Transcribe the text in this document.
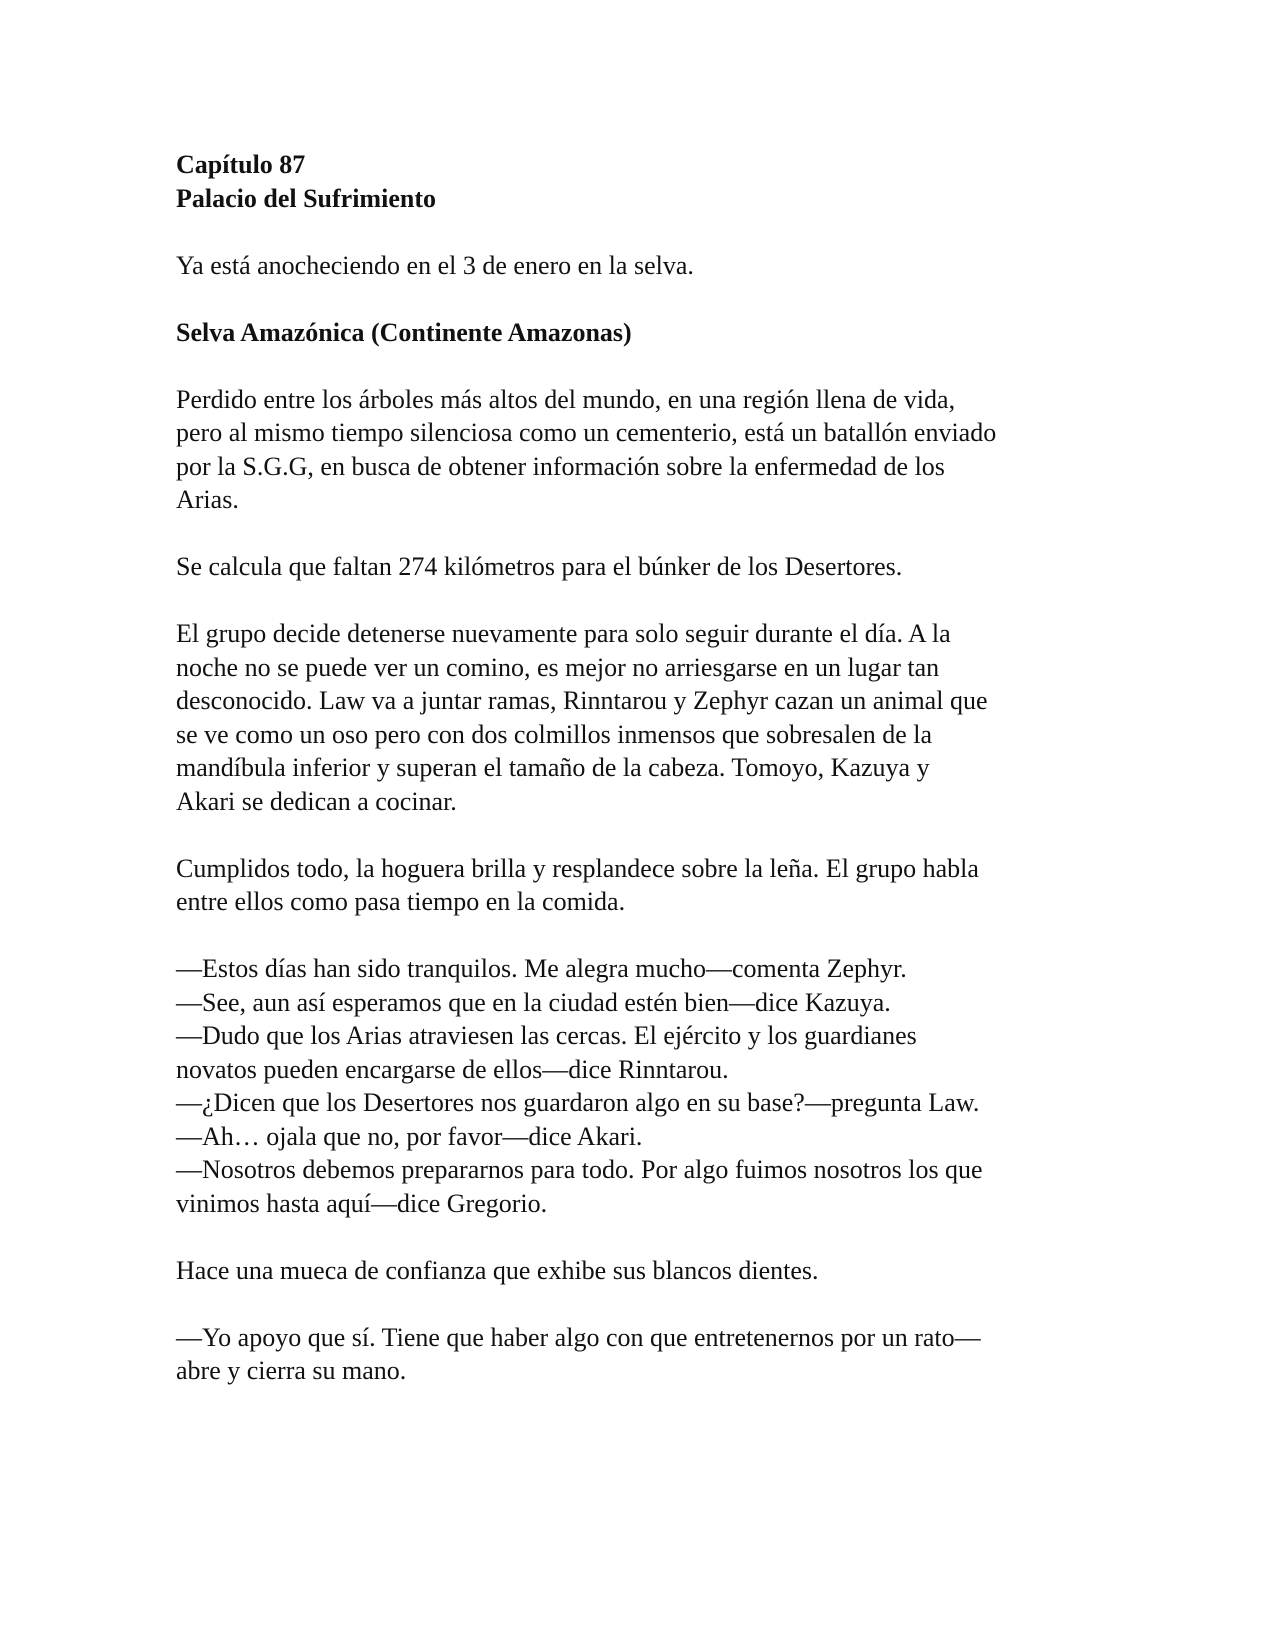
Capítulo 87
Palacio del Sufrimiento

Ya está anocheciendo en el 3 de enero en la selva.

Selva Amazónica (Continente Amazonas)

Perdido entre los árboles más altos del mundo, en una región llena de vida,
pero al mismo tiempo silenciosa como un cementerio, está un batallón enviado
por la S.G.G, en busca de obtener información sobre la enfermedad de los
Arias.

Se calcula que faltan 274 kilómetros para el búnker de los Desertores.

El grupo decide detenerse nuevamente para solo seguir durante el día. A la
noche no se puede ver un comino, es mejor no arriesgarse en un lugar tan
desconocido. Law va a juntar ramas, Rinntarou y Zephyr cazan un animal que
se ve como un oso pero con dos colmillos inmensos que sobresalen de la
mandíbula inferior y superan el tamaño de la cabeza. Tomoyo, Kazuya y
Akari se dedican a cocinar.
Cumplidos todo, la hoguera brilla y resplandece sobre la leña. El grupo habla
entre ellos como pasa tiempo en la comida.
—Estos días han sido tranquilos. Me alegra mucho—comenta Zephyr.
—See, aun así esperamos que en la ciudad estén bien—dice Kazuya.
—Dudo que los Arias atraviesen las cercas. El ejército y los guardianes
novatos pueden encargarse de ellos—dice Rinntarou.
—¿Dicen que los Desertores nos guardaron algo en su base?—pregunta Law.
—Ah… ojala que no, por favor—dice Akari.
—Nosotros debemos prepararnos para todo. Por algo fuimos nosotros los que
vinimos hasta aquí—dice Gregorio.

Hace una mueca de confianza que exhibe sus blancos dientes.

—Yo apoyo que sí. Tiene que haber algo con que entretenernos por un rato—
abre y cierra su mano.
